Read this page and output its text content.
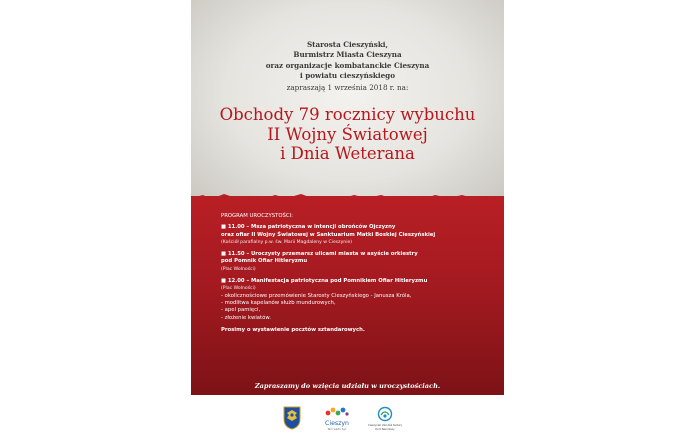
Starosta Cieszyński,
Burmistrz Miasta Cieszyna
oraz organizacje kombatanckie Cieszyna
i powiatu cieszyńskiego
zapraszają 1 września 2018 r. na:
Obchody 79 rocznicy wybuchu
II Wojny Światowej
i Dnia Weterana
PROGRAM UROCZYSTOŚCI:
■ 11.00 – Msza patriotyczna w intencji obrońców Ojczyzny
oraz ofiar II Wojny Światowej w Sanktuarium Matki Boskiej Cieszyńskiej
(Kościół parafialny p.w. św. Marii Magdaleny w Cieszynie)
■ 11.50 – Uroczysty przemarsz ulicami miasta w asyście orkiestry
pod Pomnik Ofiar Hitleryzmu
(Plac Wolności)
■ 12.00 – Manifestacja patriotyczna pod Pomnikiem Ofiar Hitleryzmu
(Plac Wolności)
- okolicznościowe przemówienie Starosty Cieszyńskiego - Janusza Króla,
- modlitwa kapelanów służb mundurowych,
- apel pamięci,
- złożenie kwiatów.
Prosimy o wystawienie pocztów sztandarowych.
Zapraszamy do wzięcia udziału w uroczystościach.
Cieszyn
Tam warto być
Cieszyński Ośrodek Kultury
Dom Narodowy
